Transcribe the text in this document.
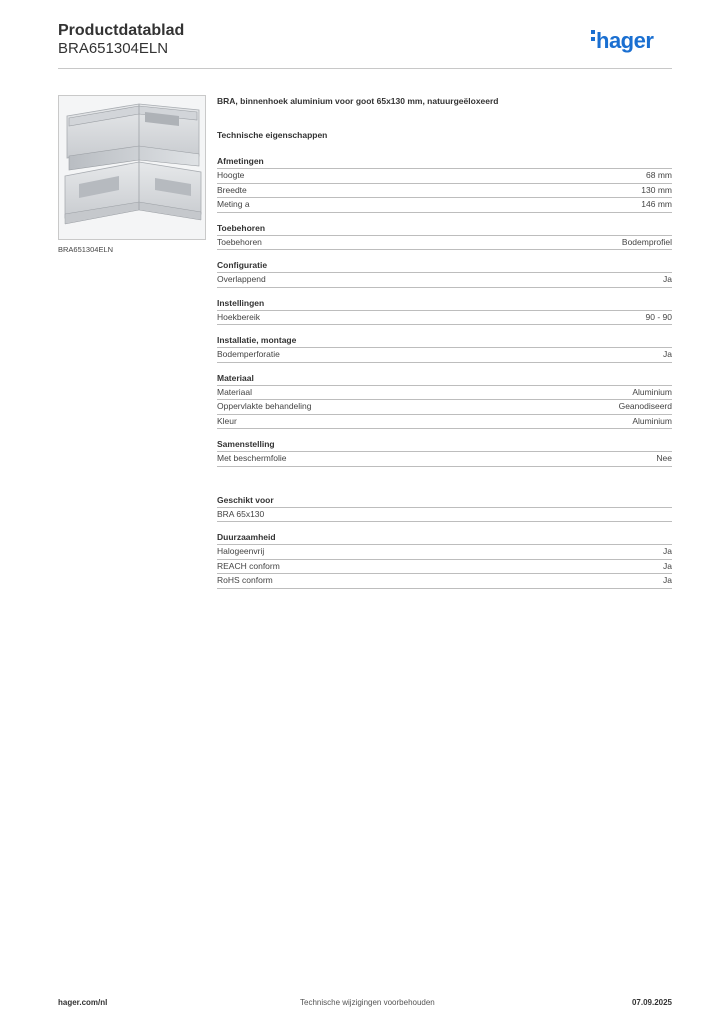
Productdatablad
BRA651304ELN	hager
BRA651304ELN
BRA, binnenhoek aluminium voor goot 65x130 mm, natuurgeëloxeerd
Technische eigenschappen
Afmetingen
Hoogte	68 mm
Breedte	130 mm
Meting a	146 mm
Toebehoren
Toebehoren	Bodemprofiel
Configuratie
Overlappend	Ja
Instellingen
Hoekbereik	90 - 90
Installatie, montage
Bodemperforatie	Ja
Materiaal
Materiaal	Aluminium
Oppervlakte behandeling	Geanodiseerd
Kleur	Aluminium
Samenstelling
Met beschermfolie	Nee
Geschikt voor
BRA 65x130
Duurzaamheid
Halogeenvrij	Ja
REACH conform	Ja
RoHS conform	Ja
hager.com/nl	Technische wijzigingen voorbehouden	07.09.2025
